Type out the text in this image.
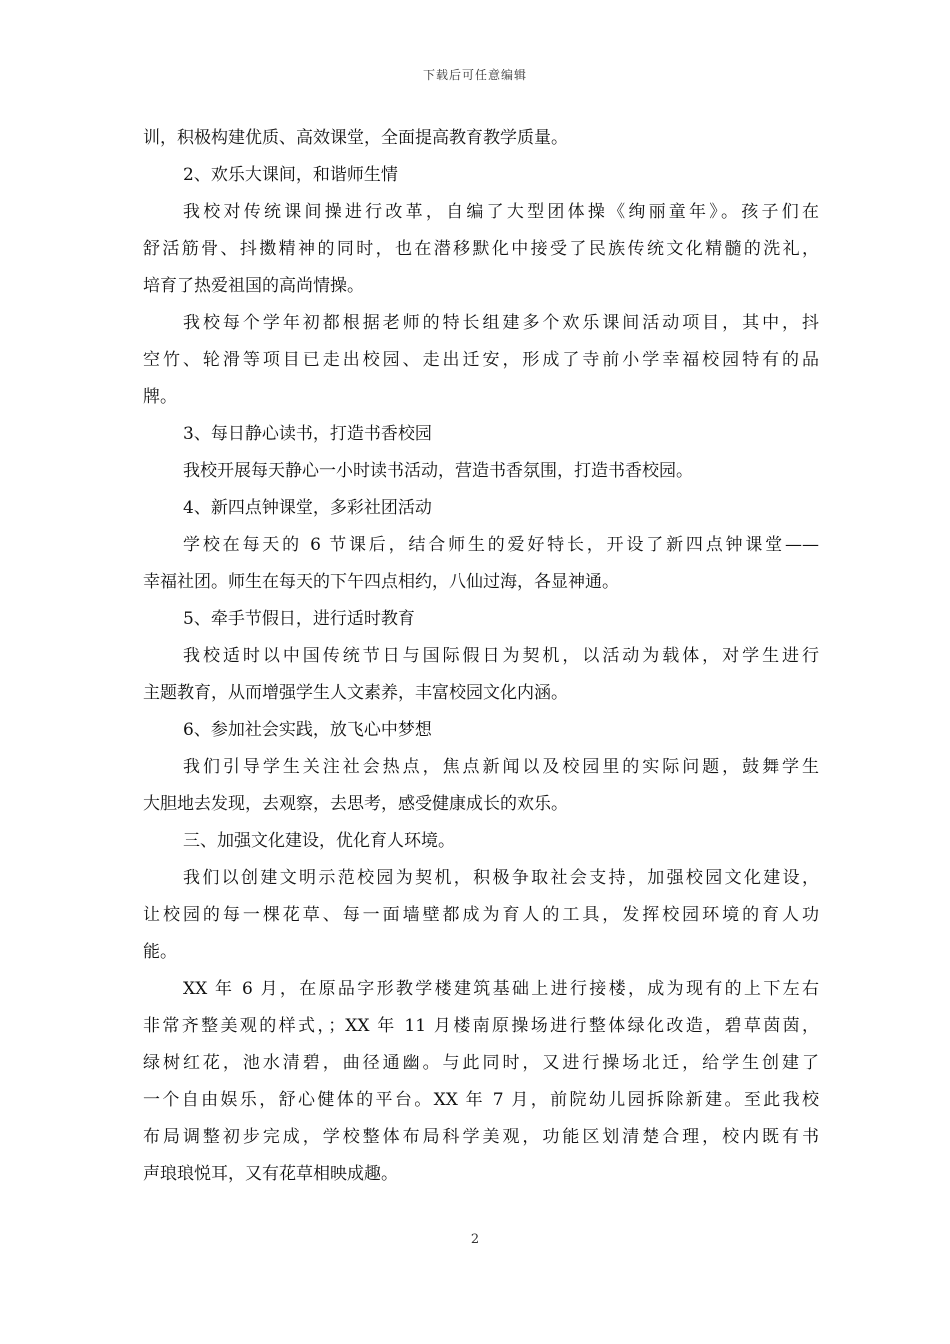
下载后可任意编辑
训，积极构建优质、高效课堂，全面提高教育教学质量。
2、欢乐大课间，和谐师生情
我校对传统课间操进行改革，自编了大型团体操《绚丽童年》。孩子们在
舒活筋骨、抖擞精神的同时，也在潜移默化中接受了民族传统文化精髓的洗礼，
培育了热爱祖国的高尚情操。
我校每个学年初都根据老师的特长组建多个欢乐课间活动项目，其中，抖
空竹、轮滑等项目已走出校园、走出迁安，形成了寺前小学幸福校园特有的品
牌。
3、每日静心读书，打造书香校园
我校开展每天静心一小时读书活动，营造书香氛围，打造书香校园。
4、新四点钟课堂，多彩社团活动
学校在每天的 6 节课后，结合师生的爱好特长，开设了新四点钟课堂——
幸福社团。师生在每天的下午四点相约，八仙过海，各显神通。
5、牵手节假日，进行适时教育
我校适时以中国传统节日与国际假日为契机，以活动为载体，对学生进行
主题教育，从而增强学生人文素养，丰富校园文化内涵。
6、参加社会实践，放飞心中梦想
我们引导学生关注社会热点，焦点新闻以及校园里的实际问题，鼓舞学生
大胆地去发现，去观察，去思考，感受健康成长的欢乐。
三、加强文化建设，优化育人环境。
我们以创建文明示范校园为契机，积极争取社会支持，加强校园文化建设，
让校园的每一棵花草、每一面墙壁都成为育人的工具，发挥校园环境的育人功
能。
XX 年 6 月，在原品字形教学楼建筑基础上进行接楼，成为现有的上下左右
非常齐整美观的样式，；XX 年 11 月楼南原操场进行整体绿化改造，碧草茵茵，
绿树红花，池水清碧，曲径通幽。与此同时，又进行操场北迁，给学生创建了
一个自由娱乐，舒心健体的平台。XX 年 7 月，前院幼儿园拆除新建。至此我校
布局调整初步完成，学校整体布局科学美观，功能区划清楚合理，校内既有书
声琅琅悦耳，又有花草相映成趣。
2
